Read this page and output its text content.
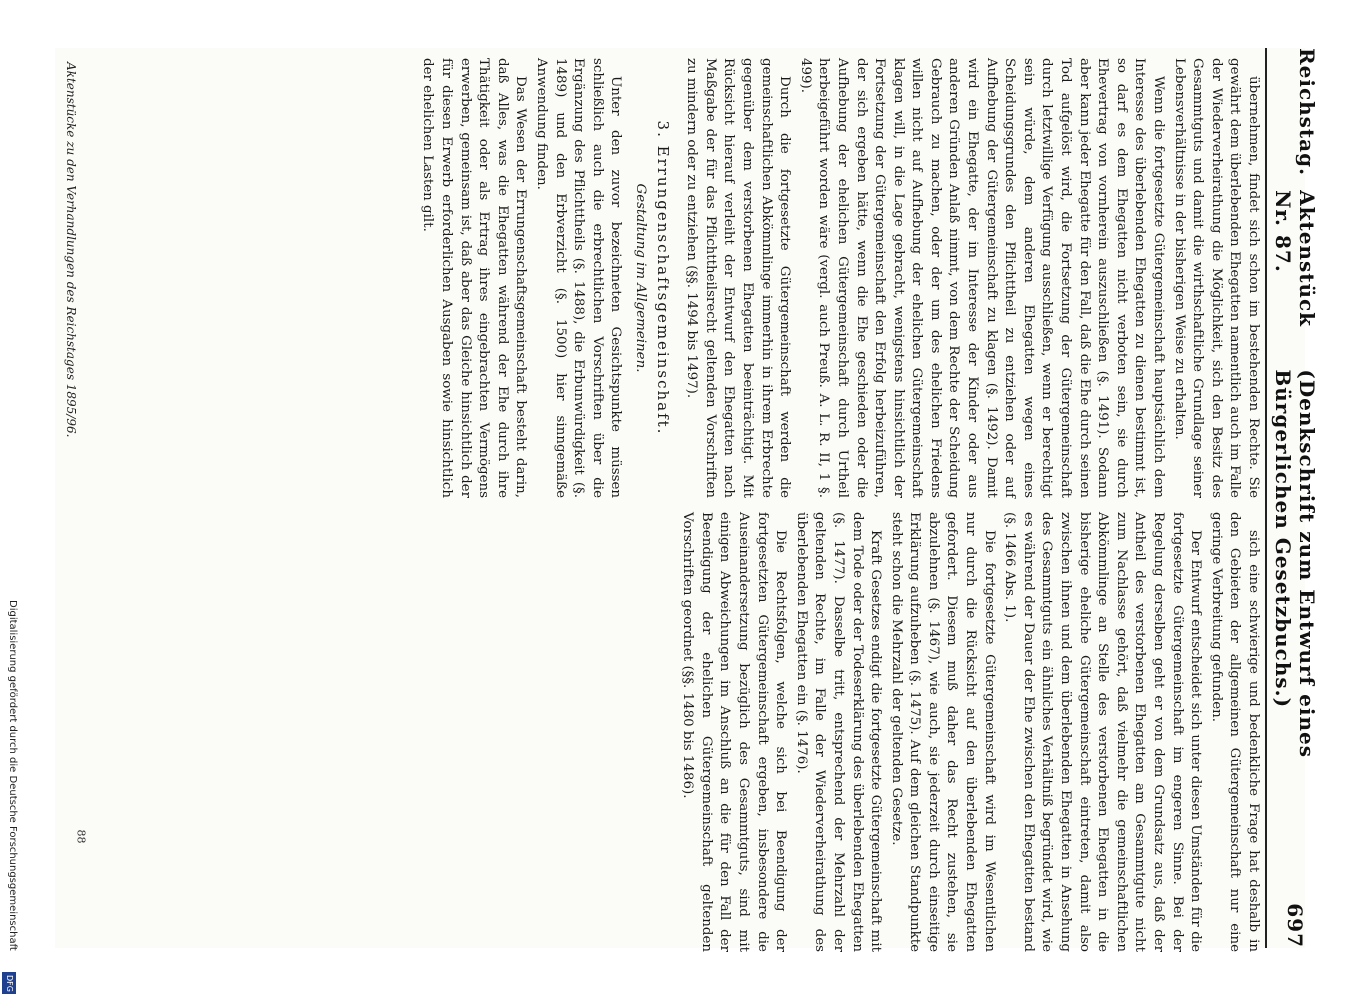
Reichstag.
Aktenstück Nr. 87.
(Denkschrift zum Entwurf eines Bürgerlichen Gesetzbuchs.)
697

übernehmen, findet sich schon im bestehenden Rechte. Sie gewährt dem überlebenden Ehegatten namentlich auch im Falle der Wiederverheirathung die Möglichkeit, sich den Besitz des Gesammtguts und damit die wirthschaftliche Grundlage seiner Lebensverhältnisse in der bisherigen Weise zu erhalten.

Wenn die fortgesetzte Gütergemeinschaft hauptsächlich dem Interesse des überlebenden Ehegatten zu dienen bestimmt ist, so darf es dem Ehegatten nicht verboten sein, sie durch Ehevertrag von vornherein auszuschließen (§. 1491). Sodann aber kann jeder Ehegatte für den Fall, daß die Ehe durch seinen Tod aufgelöst wird, die Fortsetzung der Gütergemeinschaft durch letztwillige Verfügung ausschließen, wenn er berechtigt sein würde, dem anderen Ehegatten wegen eines Scheidungsgrundes den Pflichttheil zu entziehen oder auf Aufhebung der Gütergemeinschaft zu klagen (§. 1492). Damit wird ein Ehegatte, der im Interesse der Kinder oder aus anderen Gründen Anlaß nimmt, von dem Rechte der Scheidung Gebrauch zu machen, oder der um des ehelichen Friedens willen nicht auf Aufhebung der ehelichen Gütergemeinschaft klagen will, in die Lage gebracht, wenigstens hinsichtlich der Fortsetzung der Gütergemeinschaft den Erfolg herbeizuführen, der sich ergeben hätte, wenn die Ehe geschieden oder die Aufhebung der ehelichen Gütergemeinschaft durch Urtheil herbeigeführt worden wäre (vergl. auch Preuß. A. L. R. II, 1 §. 499).

Durch die fortgesetzte Gütergemeinschaft werden die gemeinschaftlichen Abkömmlinge immerhin in ihrem Erbrechte gegenüber dem verstorbenen Ehegatten beeinträchtigt. Mit Rücksicht hierauf verleiht der Entwurf den Ehegatten nach Maßgabe der für das Pflichttheilsrecht geltenden Vorschriften zu mindern oder zu entziehen (§§. 1494 bis 1497).

3. Errungenschaftsgemeinschaft.

Gestaltung im Allgemeinen.

Unter den zuvor bezeichneten Gesichtspunkte müssen schließlich auch die erbrechtlichen Vorschriften über die Ergänzung des Pflichttheils (§. 1488), die Erbunwürdigkeit (§. 1489) und den Erbverzicht (§. 1500) hier sinngemäße Anwendung finden.

Das Wesen der Errungenschaftsgemeinschaft besteht darin, daß Alles, was die Ehegatten während der Ehe durch ihre Thätigkeit oder als Ertrag ihres eingebrachten Vermögens erwerben, gemeinsam ist, daß aber das Gleiche hinsichtlich der für diesen Erwerb erforderlichen Ausgaben sowie hinsichtlich der ehelichen Lasten gilt.

sich eine schwierige und bedenkliche Frage hat deshalb in den Gebieten der allgemeinen Gütergemeinschaft nur eine geringe Verbreitung gefunden.

Der Entwurf entscheidet sich unter diesen Umständen für die fortgesetzte Gütergemeinschaft im engeren Sinne. Bei der Regelung derselben geht er von dem Grundsatz aus, daß der Antheil des verstorbenen Ehegatten am Gesammtgute nicht zum Nachlasse gehört, daß vielmehr die gemeinschaftlichen Abkömmlinge an Stelle des verstorbenen Ehegatten in die bisherige eheliche Gütergemeinschaft eintreten, damit also zwischen ihnen und dem überlebenden Ehegatten in Ansehung des Gesammtguts ein ähnliches Verhältniß begründet wird, wie es während der Dauer der Ehe zwischen den Ehegatten bestand (§. 1466 Abs. 1).

Die fortgesetzte Gütergemeinschaft wird im Wesentlichen nur durch die Rücksicht auf den überlebenden Ehegatten gefordert. Diesem muß daher das Recht zustehen, sie abzulehnen (§. 1467), wie auch, sie jederzeit durch einseitige Erklärung aufzuheben (§. 1475). Auf dem gleichen Standpunkte steht schon die Mehrzahl der geltenden Gesetze.

Kraft Gesetzes endigt die fortgesetzte Gütergemeinschaft mit dem Tode oder der Todeserklärung des überlebenden Ehegatten (§. 1477). Dasselbe tritt, entsprechend der Mehrzahl der geltenden Rechte, im Falle der Wiederverheirathung des überlebenden Ehegatten ein (§. 1476).

Die Rechtsfolgen, welche sich bei Beendigung der fortgesetzten Gütergemeinschaft ergeben, insbesondere die Auseinandersetzung bezüglich des Gesammtguts, sind mit einigen Abweichungen im Anschluß an die für den Fall der Beendigung der ehelichen Gütergemeinschaft geltenden Vorschriften geordnet (§§. 1480 bis 1486).

Aktenstücke zu den Verhandlungen des Reichstages 1895/96.
88
Digitalisierung gefördert durch die Deutsche Forschungsgemeinschaft
DFG
